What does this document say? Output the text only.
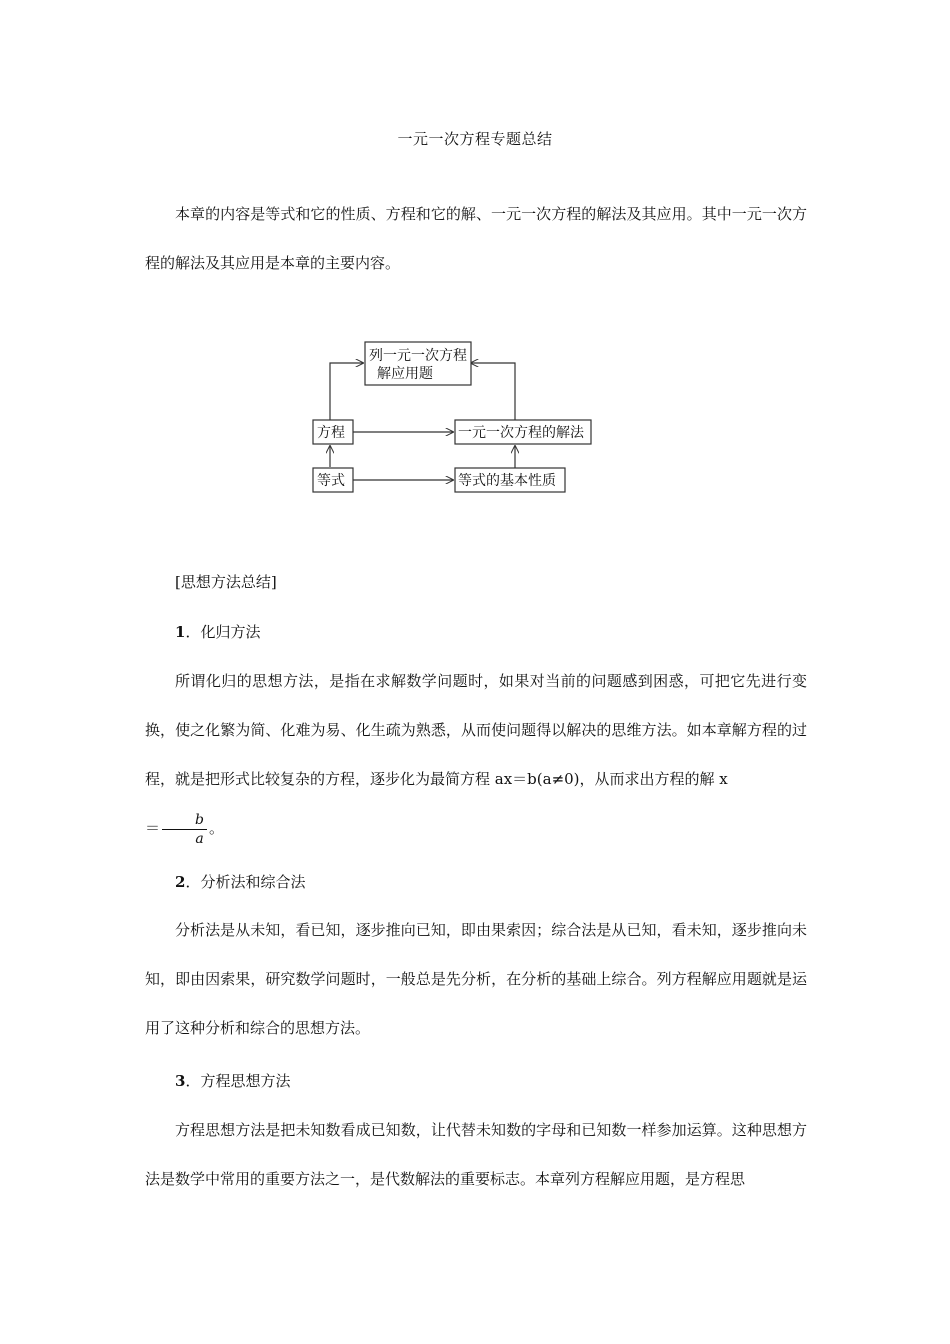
一元一次方程专题总结

本章的内容是等式和它的性质、方程和它的解、一元一次方程的解法及其应用。其中一元一次方程的解法及其应用是本章的主要内容。

列一元一次方程
解应用题
方程	一元一次方程的解法
等式	等式的基本性质

[思想方法总结]

1．化归方法

所谓化归的思想方法，是指在求解数学问题时，如果对当前的问题感到困惑，可把它先进行变换，使之化繁为简、化难为易、化生疏为熟悉，从而使问题得以解决的思维方法。如本章解方程的过程，就是把形式比较复杂的方程，逐步化为最简方程 ax＝b(a≠0)，从而求出方程的解 x
＝ $\frac{b}{a}$ 。

2．分析法和综合法

分析法是从未知，看已知，逐步推向已知，即由果索因；综合法是从已知，看未知，逐步推向未知，即由因索果，研究数学问题时，一般总是先分析，在分析的基础上综合。列方程解应用题就是运用了这种分析和综合的思想方法。

3．方程思想方法

方程思想方法是把未知数看成已知数，让代替未知数的字母和已知数一样参加运算。这种思想方法是数学中常用的重要方法之一，是代数解法的重要标志。本章列方程解应用题，是方程思
